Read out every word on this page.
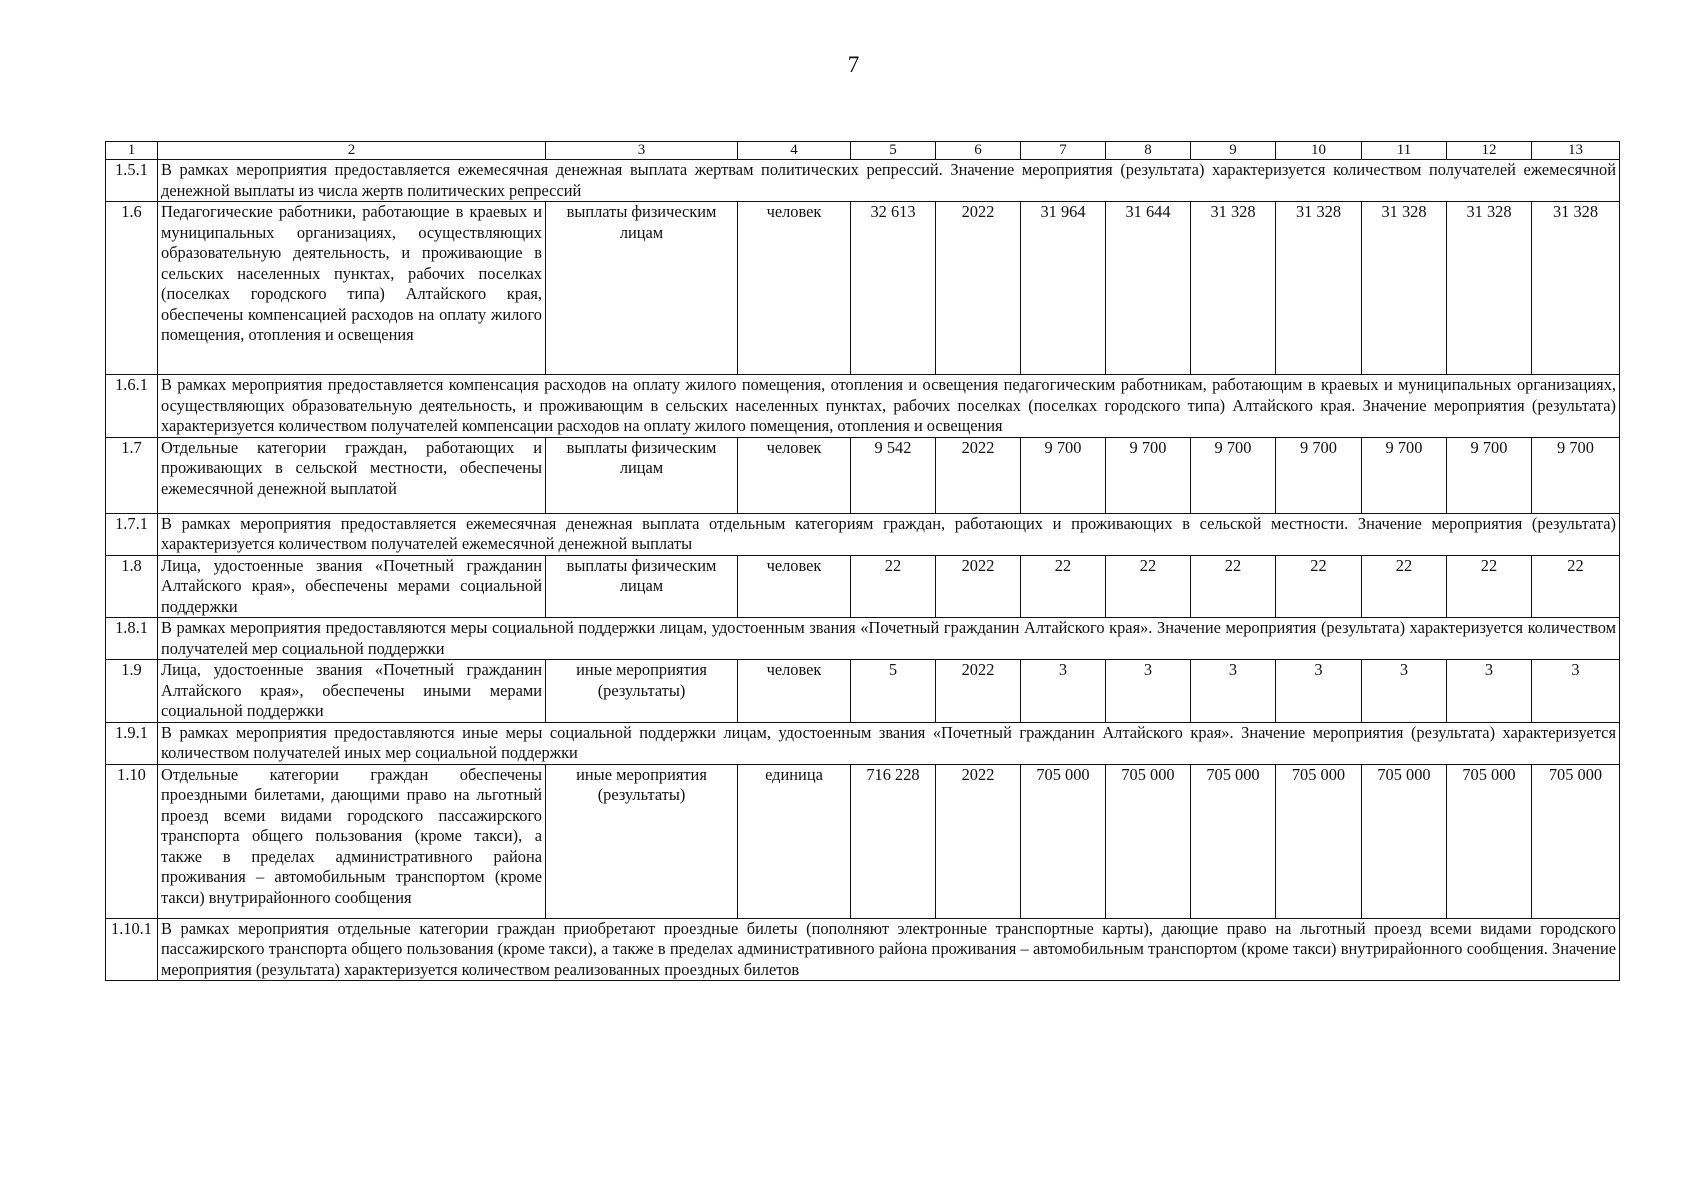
7
1	2	3	4	5	6	7	8	9	10	11	12	13
1.5.1	В рамках мероприятия предоставляется ежемесячная денежная выплата жертвам политических репрессий. Значение мероприятия (результата) характеризуется количеством получателей ежемесячной денежной выплаты из числа жертв политических репрессий											
1.6	Педагогические работники, работающие в краевых и муниципальных организациях, осуществляющих образовательную деятельность, и проживающие в сельских населенных пунктах, рабочих поселках (поселках городского типа) Алтайского края, обеспечены компенсацией расходов на оплату жилого помещения, отопления и освещения	выплаты физическим лицам	человек	32 613	2022	31 964	31 644	31 328	31 328	31 328	31 328	31 328
1.6.1	В рамках мероприятия предоставляется компенсация расходов на оплату жилого помещения, отопления и освещения педагогическим работникам, работающим в краевых и муниципальных организациях, осуществляющих образовательную деятельность, и проживающим в сельских населенных пунктах, рабочих поселках (поселках городского типа) Алтайского края. Значение мероприятия (результата) характеризуется количеством получателей компенсации расходов на оплату жилого помещения, отопления и освещения											
1.7	Отдельные категории граждан, работающих и проживающих в сельской местности, обеспечены ежемесячной денежной выплатой	выплаты физическим лицам	человек	9 542	2022	9 700	9 700	9 700	9 700	9 700	9 700	9 700
1.7.1	В рамках мероприятия предоставляется ежемесячная денежная выплата отдельным категориям граждан, работающих и проживающих в сельской местности. Значение мероприятия (результата) характеризуется количеством получателей ежемесячной денежной выплаты											
1.8	Лица, удостоенные звания «Почетный гражданин Алтайского края», обеспечены мерами социальной поддержки	выплаты физическим лицам	человек	22	2022	22	22	22	22	22	22	22
1.8.1	В рамках мероприятия предоставляются меры социальной поддержки лицам, удостоенным звания «Почетный гражданин Алтайского края». Значение мероприятия (результата) характеризуется количеством получателей мер социальной поддержки											
1.9	Лица, удостоенные звания «Почетный гражданин Алтайского края», обеспечены иными мерами социальной поддержки	иные мероприятия (результаты)	человек	5	2022	3	3	3	3	3	3	3
1.9.1	В рамках мероприятия предоставляются иные меры социальной поддержки лицам, удостоенным звания «Почетный гражданин Алтайского края». Значение мероприятия (результата) характеризуется количеством получателей иных мер социальной поддержки											
1.10	Отдельные категории граждан обеспечены проездными билетами, дающими право на льготный проезд всеми видами городского пассажирского транспорта общего пользования (кроме такси), а также в пределах административного района проживания – автомобильным транспортом (кроме такси) внутрирайонного сообщения	иные мероприятия (результаты)	единица	716 228	2022	705 000	705 000	705 000	705 000	705 000	705 000	705 000
1.10.1	В рамках мероприятия отдельные категории граждан приобретают проездные билеты (пополняют электронные транспортные карты), дающие право на льготный проезд всеми видами городского пассажирского транспорта общего пользования (кроме такси), а также в пределах административного района проживания – автомобильным транспортом (кроме такси) внутрирайонного сообщения. Значение мероприятия (результата) характеризуется количеством реализованных проездных билетов											
